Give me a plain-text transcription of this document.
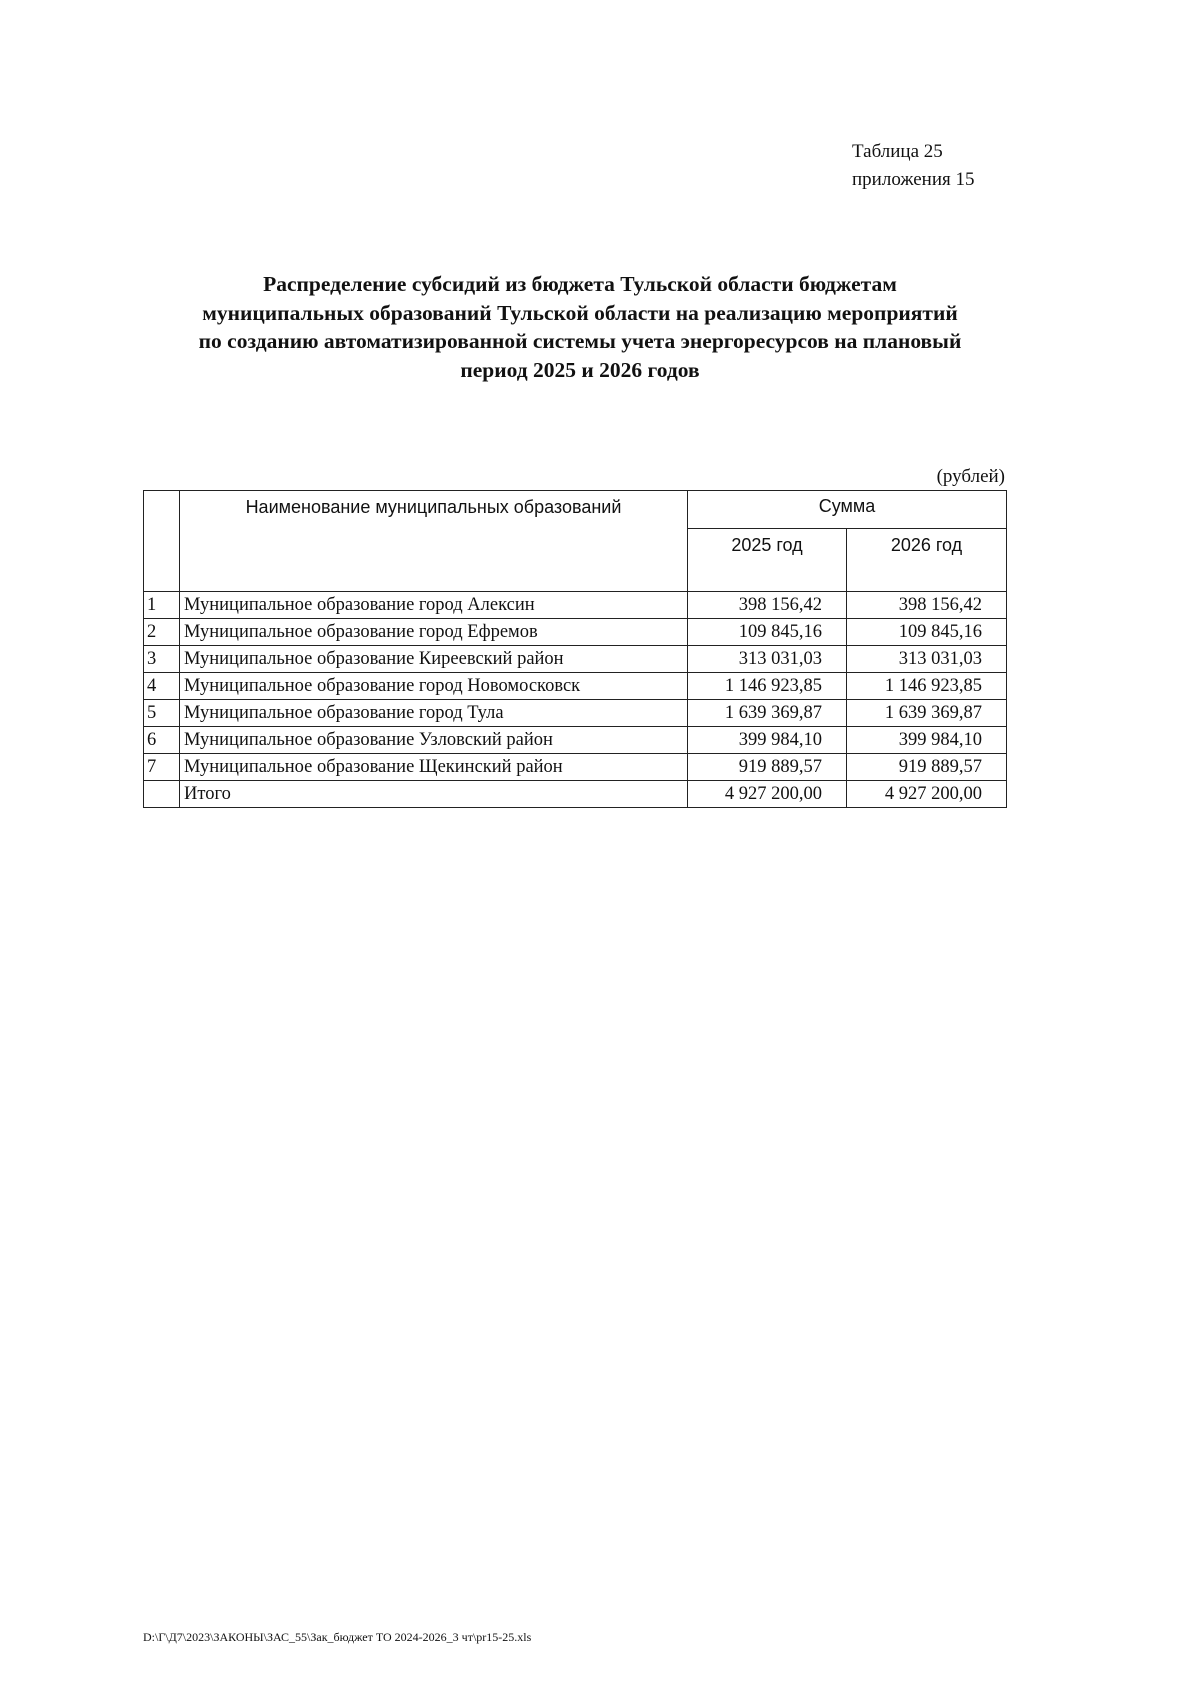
Таблица 25
приложения 15
Распределение субсидий из бюджета Тульской области бюджетам
муниципальных образований Тульской области на реализацию мероприятий
по созданию автоматизированной системы учета энергоресурсов на плановый
период 2025 и 2026 годов
(рублей)
	Наименование муниципальных образований	Сумма	
		2025 год	2026 год
1	Муниципальное образование город Алексин	398 156,42	398 156,42
2	Муниципальное образование город Ефремов	109 845,16	109 845,16
3	Муниципальное образование Киреевский район	313 031,03	313 031,03
4	Муниципальное образование город Новомосковск	1 146 923,85	1 146 923,85
5	Муниципальное образование город Тула	1 639 369,87	1 639 369,87
6	Муниципальное образование Узловский район	399 984,10	399 984,10
7	Муниципальное образование Щекинский район	919 889,57	919 889,57
	Итого	4 927 200,00	4 927 200,00
D:\Г\Д7\2023\ЗАКОНЫ\ЗАС_55\Зак_бюджет ТО 2024-2026_3 чт\pr15-25.xls
